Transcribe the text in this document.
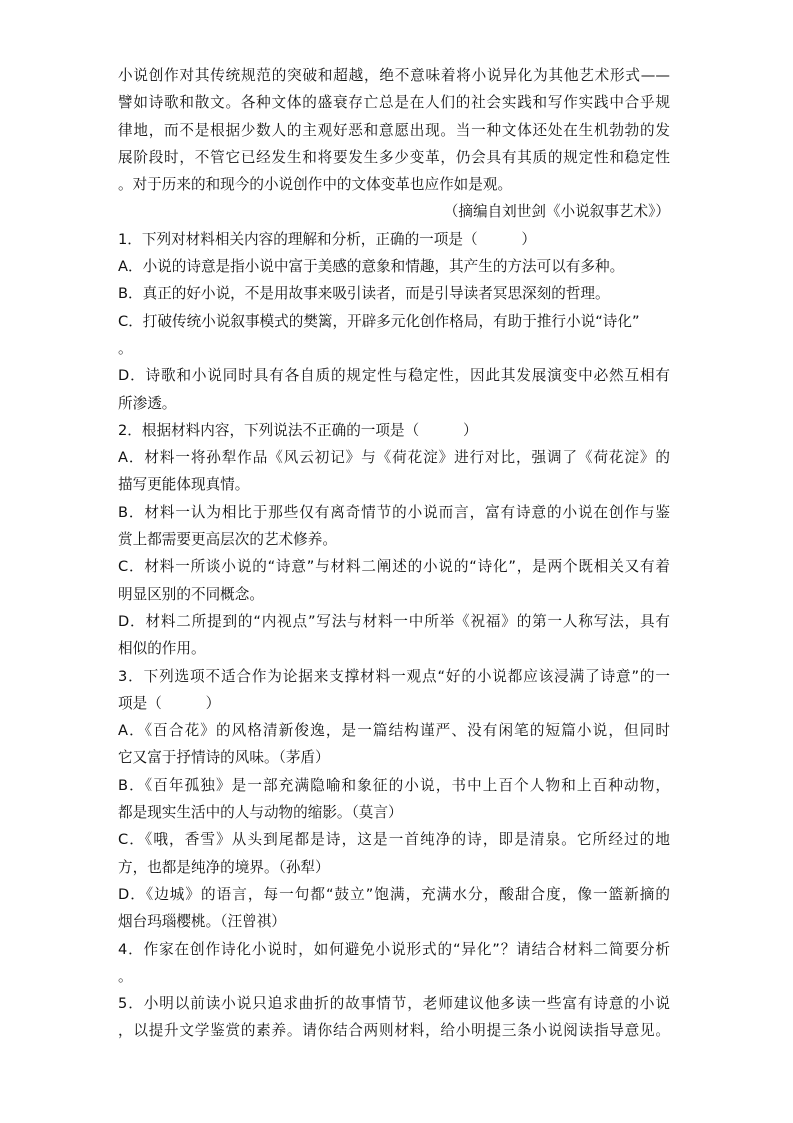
小说创作对其传统规范的突破和超越，绝不意味着将小说异化为其他艺术形式——
譬如诗歌和散文。各种文体的盛衰存亡总是在人们的社会实践和写作实践中合乎规
律地，而不是根据少数人的主观好恶和意愿出现。当一种文体还处在生机勃勃的发
展阶段时，不管它已经发生和将要发生多少变革，仍会具有其质的规定性和稳定性
。对于历来的和现今的小说创作中的文体变革也应作如是观。
（摘编自刘世剑《小说叙事艺术》）
1．下列对材料相关内容的理解和分析，正确的一项是（　　　）
A．小说的诗意是指小说中富于美感的意象和情趣，其产生的方法可以有多种。
B．真正的好小说，不是用故事来吸引读者，而是引导读者冥思深刻的哲理。
C．打破传统小说叙事模式的樊篱，开辟多元化创作格局，有助于推行小说“诗化”
。
D．诗歌和小说同时具有各自质的规定性与稳定性，因此其发展演变中必然互相有
所渗透。
2．根据材料内容，下列说法不正确的一项是（　　　）
A．材料一将孙犁作品《风云初记》与《荷花淀》进行对比，强调了《荷花淀》的
描写更能体现真情。
B．材料一认为相比于那些仅有离奇情节的小说而言，富有诗意的小说在创作与鉴
赏上都需要更高层次的艺术修养。
C．材料一所谈小说的“诗意”与材料二阐述的小说的“诗化”，是两个既相关又有着
明显区别的不同概念。
D．材料二所提到的“内视点”写法与材料一中所举《祝福》的第一人称写法，具有
相似的作用。
3．下列选项不适合作为论据来支撑材料一观点“好的小说都应该浸满了诗意”的一
项是（　　　）
A．《百合花》的风格清新俊逸，是一篇结构谨严、没有闲笔的短篇小说，但同时
它又富于抒情诗的风味。（茅盾）
B．《百年孤独》是一部充满隐喻和象征的小说，书中上百个人物和上百种动物，
都是现实生活中的人与动物的缩影。（莫言）
C．《哦，香雪》从头到尾都是诗，这是一首纯净的诗，即是清泉。它所经过的地
方，也都是纯净的境界。（孙犁）
D．《边城》的语言，每一句都“鼓立”饱满，充满水分，酸甜合度，像一篮新摘的
烟台玛瑙樱桃。（汪曾祺）
4．作家在创作诗化小说时，如何避免小说形式的“异化”？请结合材料二简要分析
。
5．小明以前读小说只追求曲折的故事情节，老师建议他多读一些富有诗意的小说
，以提升文学鉴赏的素养。请你结合两则材料，给小明提三条小说阅读指导意见。
